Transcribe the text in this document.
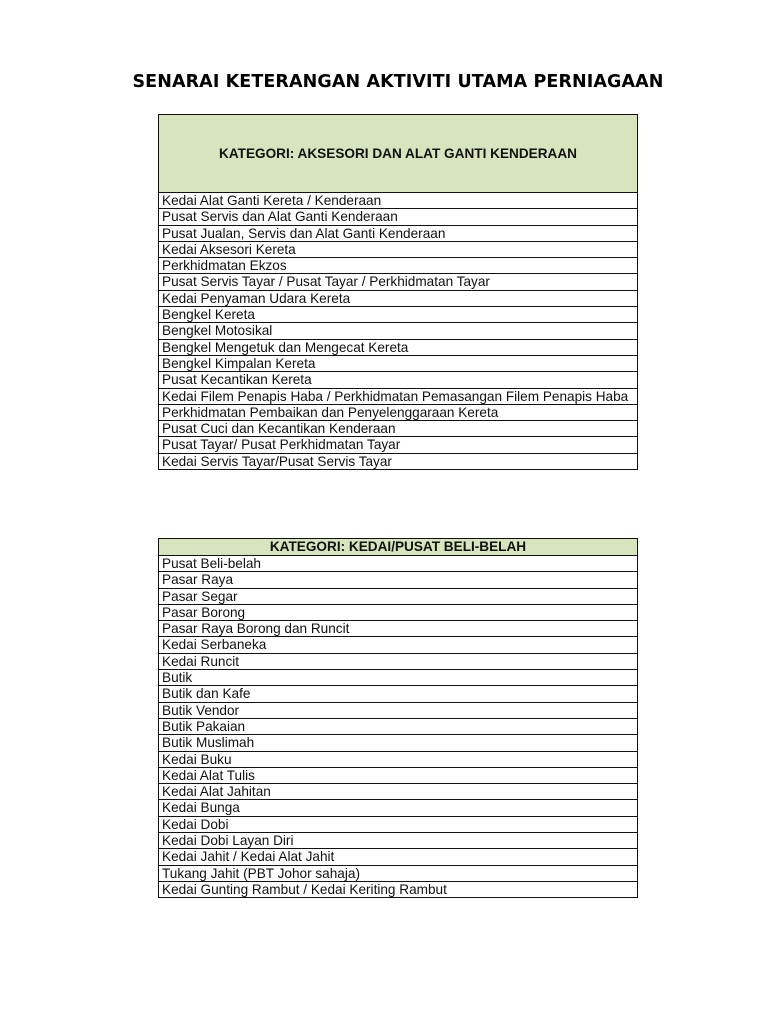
SENARAI KETERANGAN AKTIVITI UTAMA PERNIAGAAN
KATEGORI: AKSESORI DAN ALAT GANTI KENDERAAN
Kedai Alat Ganti Kereta / Kenderaan
Pusat Servis dan Alat Ganti Kenderaan
Pusat Jualan, Servis dan Alat Ganti Kenderaan
Kedai Aksesori Kereta
Perkhidmatan Ekzos
Pusat Servis Tayar / Pusat Tayar / Perkhidmatan Tayar
Kedai Penyaman Udara Kereta
Bengkel Kereta
Bengkel Motosikal
Bengkel Mengetuk dan Mengecat Kereta
Bengkel Kimpalan Kereta
Pusat Kecantikan Kereta
Kedai Filem Penapis Haba / Perkhidmatan Pemasangan Filem Penapis Haba
Perkhidmatan Pembaikan dan Penyelenggaraan Kereta
Pusat Cuci dan Kecantikan Kenderaan
Pusat Tayar/ Pusat Perkhidmatan Tayar
Kedai Servis Tayar/Pusat Servis Tayar
KATEGORI: KEDAI/PUSAT BELI-BELAH
Pusat Beli-belah
Pasar Raya
Pasar Segar
Pasar Borong
Pasar Raya Borong dan Runcit
Kedai Serbaneka
Kedai Runcit
Butik
Butik dan Kafe
Butik Vendor
Butik Pakaian
Butik Muslimah
Kedai Buku
Kedai Alat Tulis
Kedai Alat Jahitan
Kedai Bunga
Kedai Dobi
Kedai Dobi Layan Diri
Kedai Jahit / Kedai Alat Jahit
Tukang Jahit (PBT Johor sahaja)
Kedai Gunting Rambut / Kedai Keriting Rambut
